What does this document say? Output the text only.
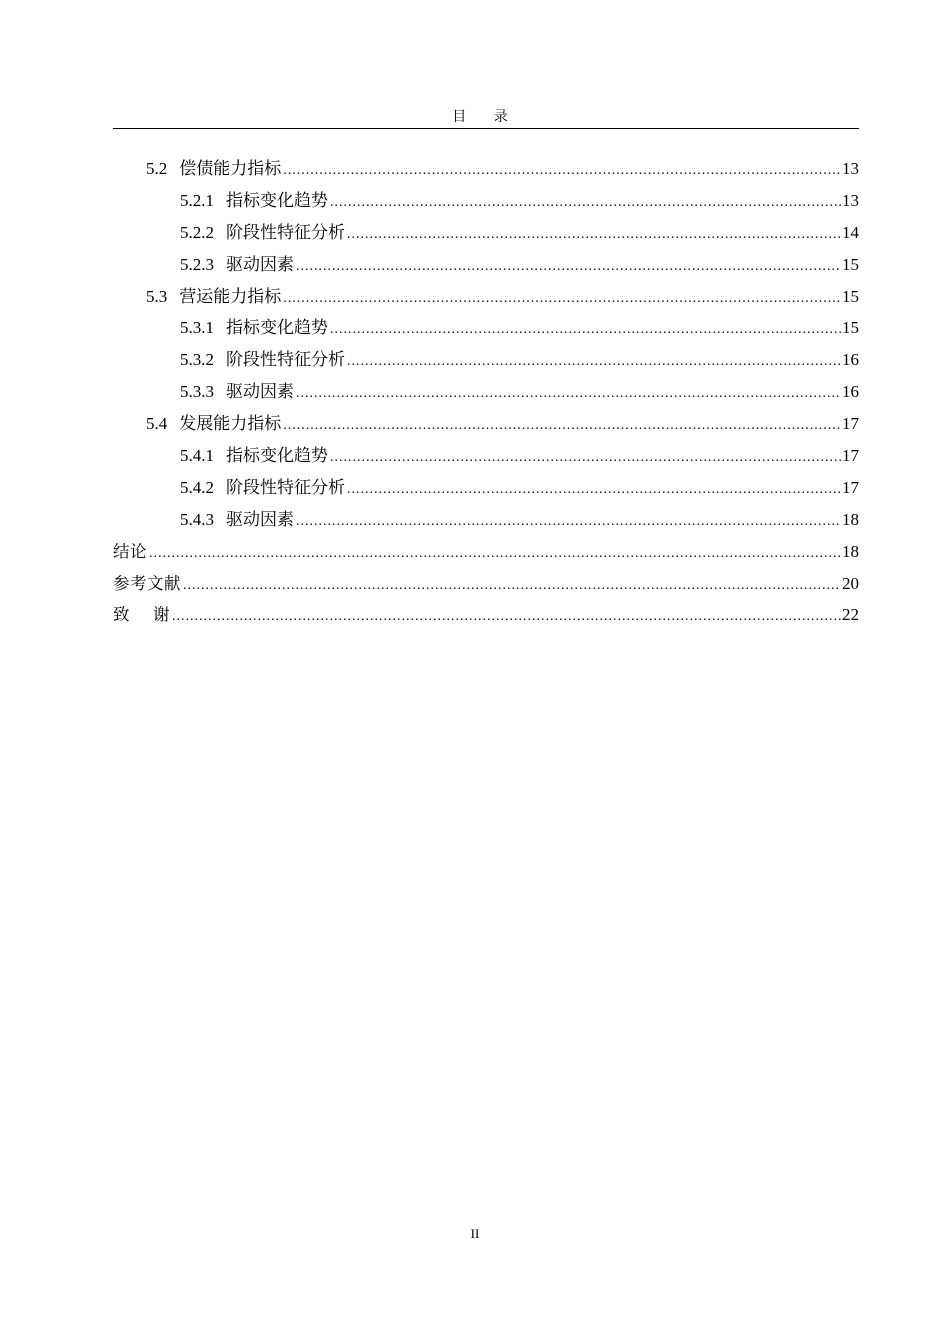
目 录
5.2 偿债能力指标 .....	13
5.2.1 指标变化趋势 .....	13
5.2.2 阶段性特征分析 .....	14
5.2.3 驱动因素 .....	15
5.3 营运能力指标 .....	15
5.3.1 指标变化趋势 .....	15
5.3.2 阶段性特征分析 .....	16
5.3.3 驱动因素 .....	16
5.4 发展能力指标 .....	17
5.4.1 指标变化趋势 .....	17
5.4.2 阶段性特征分析 .....	17
5.4.3 驱动因素 .....	18
结论 .....	18
参考文献 .....	20
致    谢 .....	22
II
